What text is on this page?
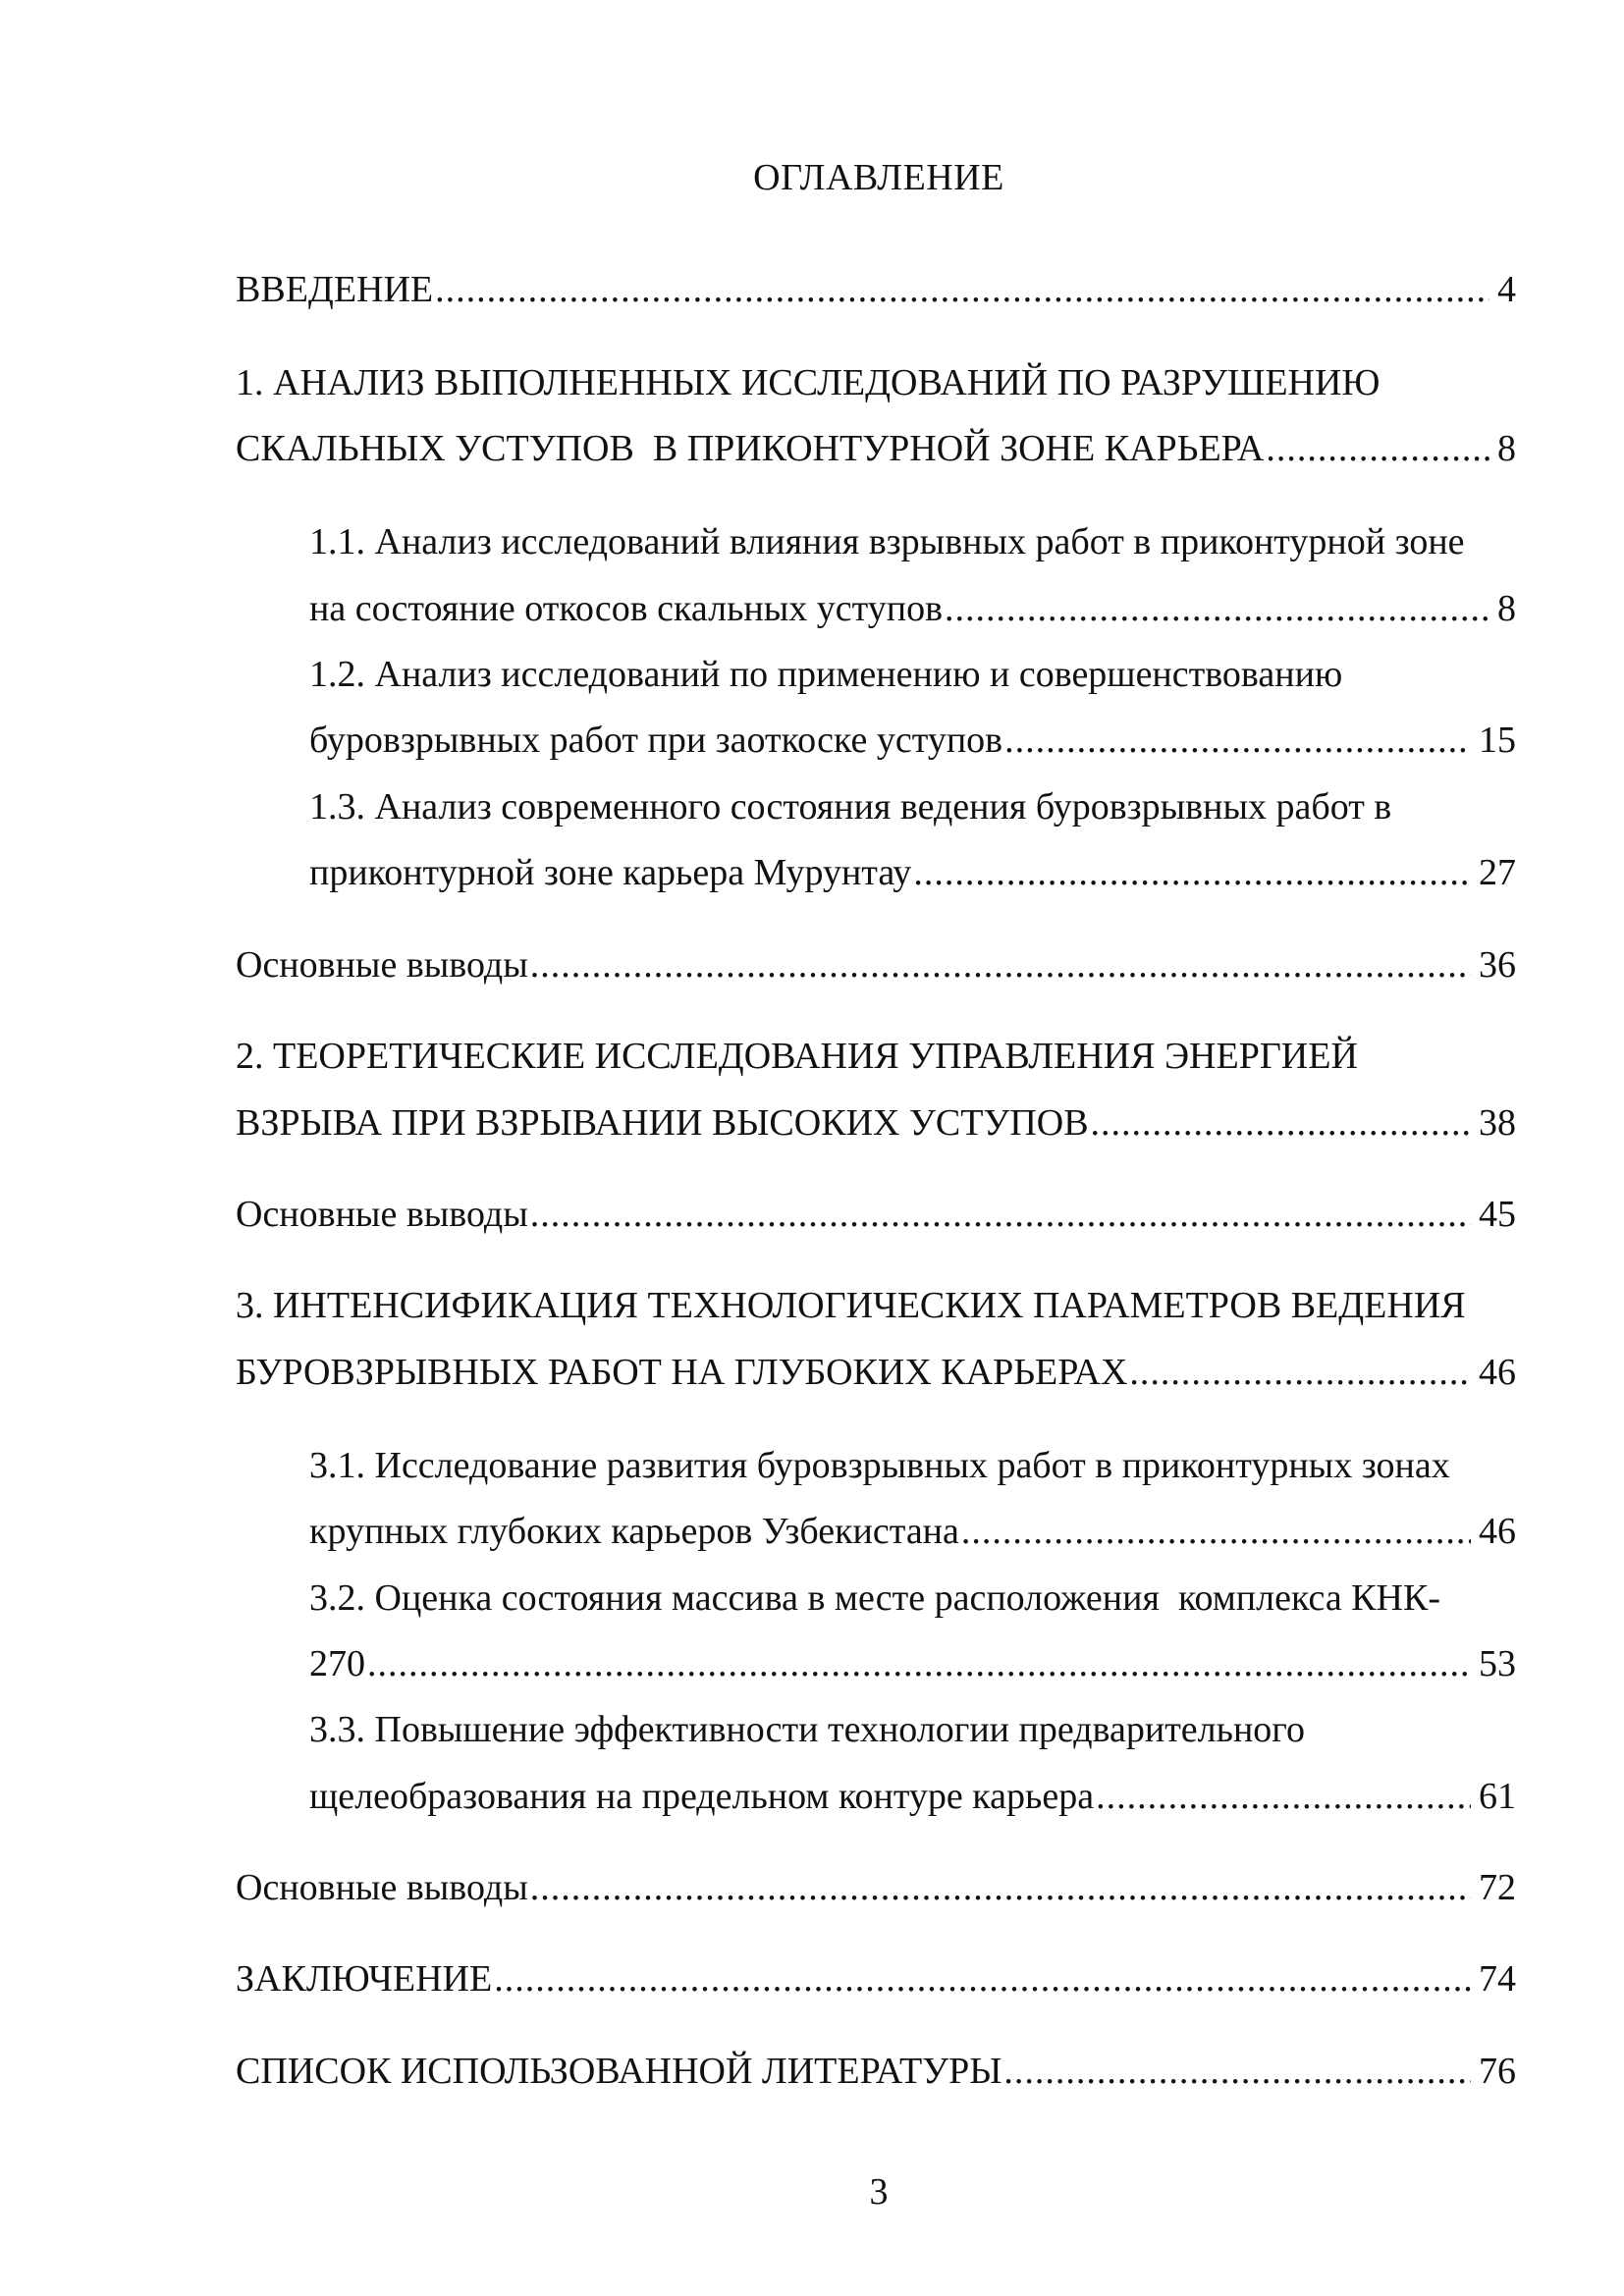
ОГЛАВЛЕНИЕ
ВВЕДЕНИЕ .....	4
1. АНАЛИЗ ВЫПОЛНЕННЫХ ИССЛЕДОВАНИЙ ПО РАЗРУШЕНИЮ
СКАЛЬНЫХ УСТУПОВ  В ПРИКОНТУРНОЙ ЗОНЕ КАРЬЕРА .....	8
1.1. Анализ исследований влияния взрывных работ в приконтурной зоне
на состояние откосов скальных уступов .....	8
1.2. Анализ исследований по применению и совершенствованию
буровзрывных работ при заоткоске уступов .....	15
1.3. Анализ современного состояния ведения буровзрывных работ в
приконтурной зоне карьера Мурунтау .....	27
Основные выводы .....	36
2. ТЕОРЕТИЧЕСКИЕ ИССЛЕДОВАНИЯ УПРАВЛЕНИЯ ЭНЕРГИЕЙ
ВЗРЫВА ПРИ ВЗРЫВАНИИ ВЫСОКИХ УСТУПОВ .....	38
Основные выводы .....	45
3. ИНТЕНСИФИКАЦИЯ ТЕХНОЛОГИЧЕСКИХ ПАРАМЕТРОВ ВЕДЕНИЯ
БУРОВЗРЫВНЫХ РАБОТ НА ГЛУБОКИХ КАРЬЕРАХ .....	46
3.1. Исследование развития буровзрывных работ в приконтурных зонах
крупных глубоких карьеров Узбекистана .....	46
3.2. Оценка состояния массива в месте расположения  комплекса КНК-
270 .....	53
3.3. Повышение эффективности технологии предварительного
щелеобразования на предельном контуре карьера .....	61
Основные выводы .....	72
ЗАКЛЮЧЕНИЕ .....	74
СПИСОК ИСПОЛЬЗОВАННОЙ ЛИТЕРАТУРЫ .....	76
3
